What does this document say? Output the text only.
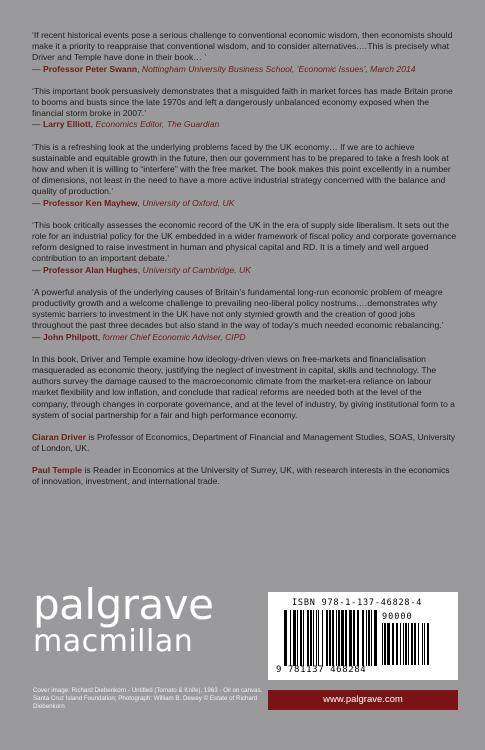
‘If recent historical events pose a serious challenge to conventional economic wisdom, then economists should make it a priority to reappraise that conventional wisdom, and to consider alternatives.…This is precisely what Driver and Temple have done in their book… ’

— Professor Peter Swann, Nottingham University Business School, ‘Economic Issues’, March 2014

‘This important book persuasively demonstrates that a misguided faith in market forces has made Britain prone to booms and busts since the late 1970s and left a dangerously unbalanced economy exposed when the financial storm broke in 2007.’

— Larry Elliott, Economics Editor, The Guardian

‘This is a refreshing look at the underlying problems faced by the UK economy… If we are to achieve sustainable and equitable growth in the future, then our government has to be prepared to take a fresh look at how and when it is willing to “interfere” with the free market. The book makes this point excellently in a number of dimensions, not least in the need to have a more active industrial strategy concerned with the balance and quality of production.’

— Professor Ken Mayhew, University of Oxford, UK

‘This book critically assesses the economic record of the UK in the era of supply side liberalism. It sets out the role for an industrial policy for the UK embedded in a wider framework of fiscal policy and corporate governance reform designed to raise investment in human and physical capital and RD. It is a timely and well argued contribution to an important debate.’

— Professor Alan Hughes, University of Cambridge, UK

‘A powerful analysis of the underlying causes of Britain’s fundamental long-run economic problem of meagre productivity growth and a welcome challenge to prevailing neo-liberal policy nostrums.…demonstrates why systemic barriers to investment in the UK have not only stymied growth and the creation of good jobs throughout the past three decades but also stand in the way of today’s much needed economic rebalancing.’

— John Philpott, former Chief Economic Adviser, CIPD

In this book, Driver and Temple examine how ideology-driven views on free-markets and financialisation masqueraded as economic theory, justifying the neglect of investment in capital, skills and technology. The authors survey the damage caused to the macroeconomic climate from the market-era reliance on labour market flexibility and low inflation, and conclude that radical reforms are needed both at the level of the company, through changes in corporate governance, and at the level of industry, by giving institutional form to a system of social partnership for a fair and high performance economy.

Ciaran Driver is Professor of Economics, Department of Financial and Management Studies, SOAS, University of London, UK.

Paul Temple is Reader in Economics at the University of Surrey, UK, with research interests in the economics of innovation, investment, and international trade.

palgrave
macmillan
Cover image: Richard Diebenkorn - Untitled (Tomato & Knife), 1963 - Oil on canvas. Santa Cruz Island Foundation; Photograph: William B. Dewey © Estate of Richard Diebenkorn
ISBN 978-1-137-46828-4
90000
9 781137 468284
www.palgrave.com
